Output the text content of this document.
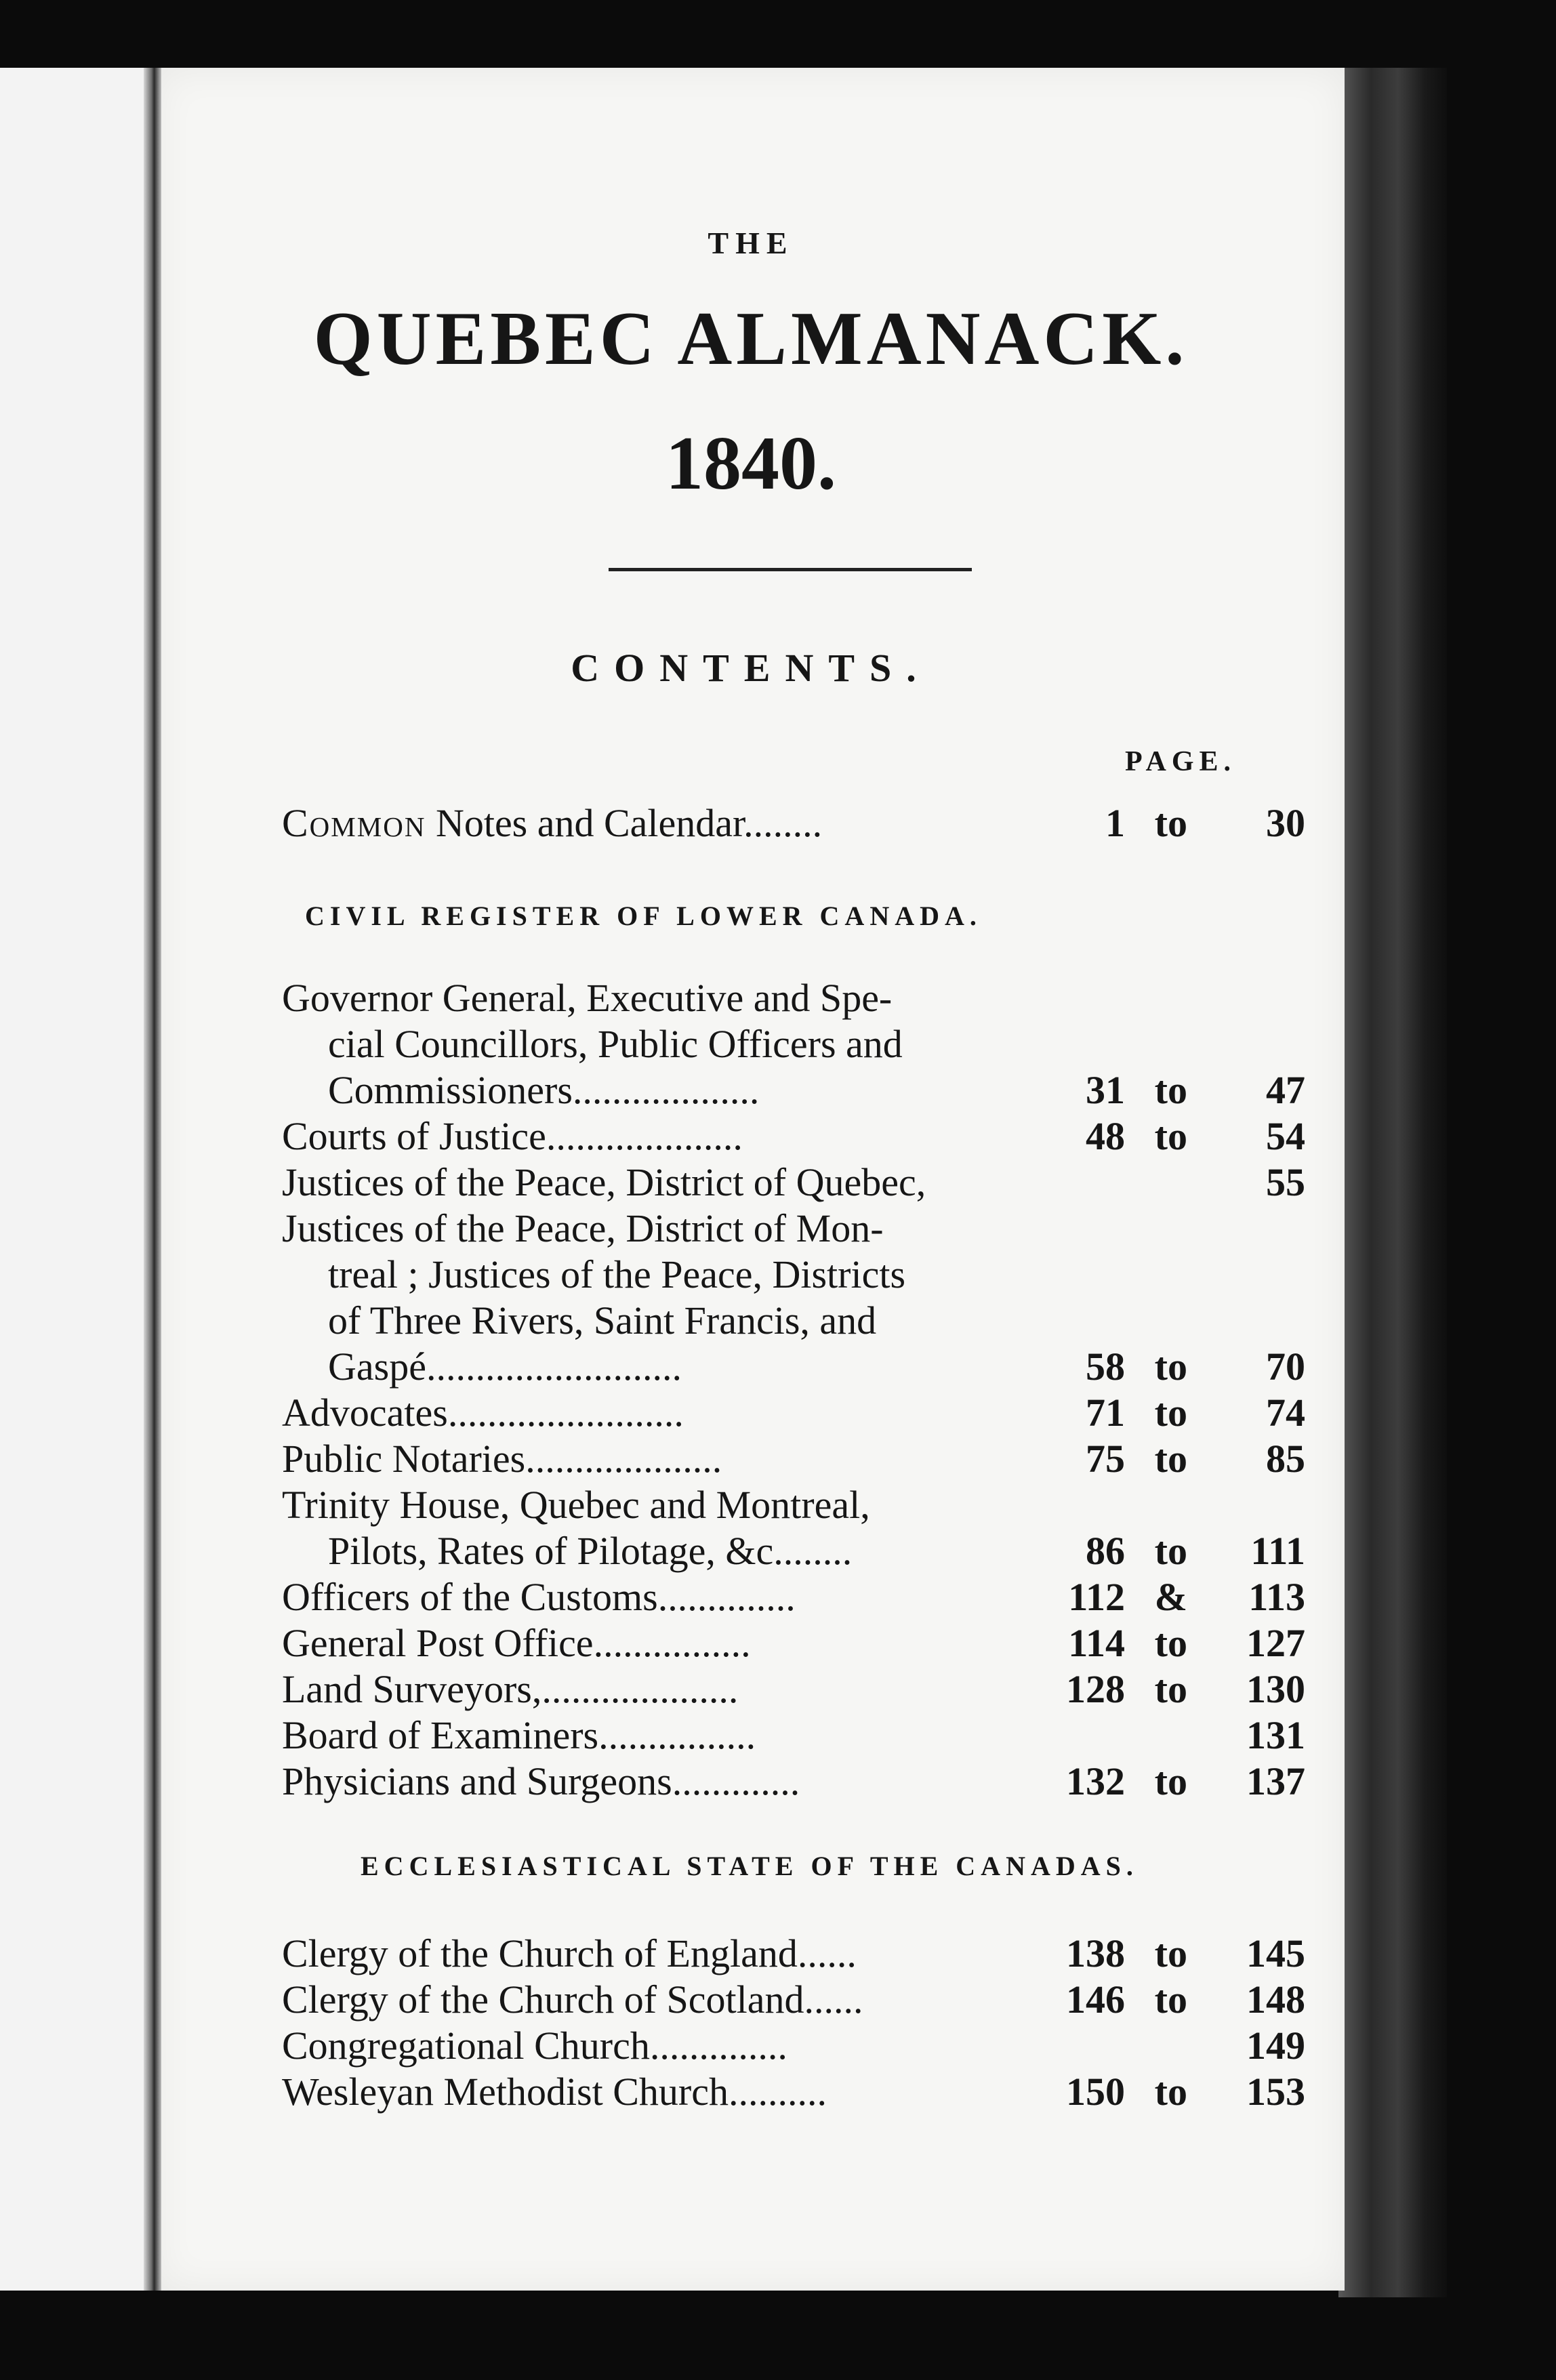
THE
QUEBEC ALMANACK.
1840.
CONTENTS.
PAGE.
Common Notes and Calendar........	1 to	30
CIVIL REGISTER OF LOWER CANADA.
Governor General, Executive and Spe-
cial Councillors, Public Officers and
Commissioners...................	31 to	47
Courts of Justice....................	48 to	54
Justices of the Peace, District of Quebec,	55
Justices of the Peace, District of Mon-
treal ; Justices of the Peace, Districts
of Three Rivers, Saint Francis, and
Gaspé..........................	58 to	70
Advocates........................	71 to	74
Public Notaries....................	75 to	85
Trinity House, Quebec and Montreal,
Pilots, Rates of Pilotage, &c........	86 to	111
Officers of the Customs..............	112 &	113
General Post Office................	114 to	127
Land Surveyors,....................	128 to	130
Board of Examiners................	131
Physicians and Surgeons.............	132 to	137
ECCLESIASTICAL STATE OF THE CANADAS.
Clergy of the Church of England......	138 to	145
Clergy of the Church of Scotland......	146 to	148
Congregational Church..............	149
Wesleyan Methodist Church..........	150 to	153
